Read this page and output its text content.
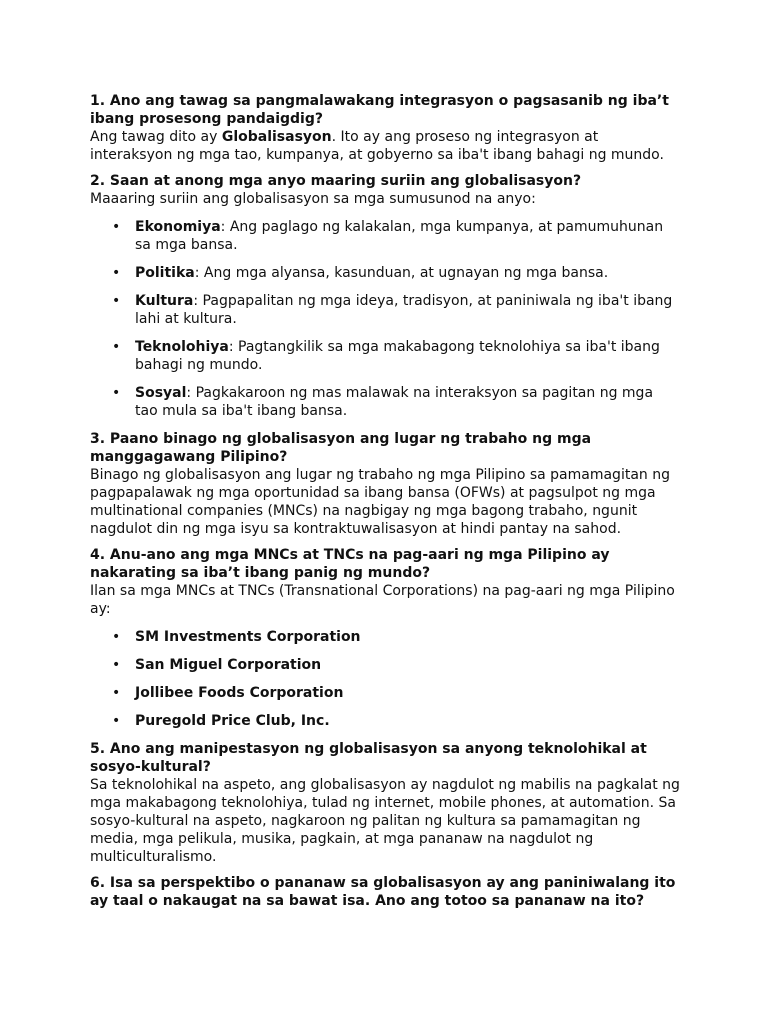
1. Ano ang tawag sa pangmalawakang integrasyon o pagsasanib ng iba’t ibang prosesong pandaigdig?

Ang tawag dito ay Globalisasyon. Ito ay ang proseso ng integrasyon at interaksyon ng mga tao, kumpanya, at gobyerno sa iba't ibang bahagi ng mundo.

2. Saan at anong mga anyo maaring suriin ang globalisasyon?

Maaaring suriin ang globalisasyon sa mga sumusunod na anyo:

• Ekonomiya: Ang paglago ng kalakalan, mga kumpanya, at pamumuhunan sa mga bansa.
• Politika: Ang mga alyansa, kasunduan, at ugnayan ng mga bansa.
• Kultura: Pagpapalitan ng mga ideya, tradisyon, at paniniwala ng iba't ibang lahi at kultura.
• Teknolohiya: Pagtangkilik sa mga makabagong teknolohiya sa iba't ibang bahagi ng mundo.
• Sosyal: Pagkakaroon ng mas malawak na interaksyon sa pagitan ng mga tao mula sa iba't ibang bansa.

3. Paano binago ng globalisasyon ang lugar ng trabaho ng mga manggagawang Pilipino?

Binago ng globalisasyon ang lugar ng trabaho ng mga Pilipino sa pamamagitan ng pagpapalawak ng mga oportunidad sa ibang bansa (OFWs) at pagsulpot ng mga multinational companies (MNCs) na nagbigay ng mga bagong trabaho, ngunit nagdulot din ng mga isyu sa kontraktuwalisasyon at hindi pantay na sahod.

4. Anu-ano ang mga MNCs at TNCs na pag-aari ng mga Pilipino ay nakarating sa iba’t ibang panig ng mundo?

Ilan sa mga MNCs at TNCs (Transnational Corporations) na pag-aari ng mga Pilipino ay:

• SM Investments Corporation
• San Miguel Corporation
• Jollibee Foods Corporation
• Puregold Price Club, Inc.

5. Ano ang manipestasyon ng globalisasyon sa anyong teknolohikal at sosyo-kultural?

Sa teknolohikal na aspeto, ang globalisasyon ay nagdulot ng mabilis na pagkalat ng mga makabagong teknolohiya, tulad ng internet, mobile phones, at automation. Sa sosyo-kultural na aspeto, nagkaroon ng palitan ng kultura sa pamamagitan ng media, mga pelikula, musika, pagkain, at mga pananaw na nagdulot ng multiculturalismo.

6. Isa sa perspektibo o pananaw sa globalisasyon ay ang paniniwalang ito ay taal o nakaugat na sa bawat isa. Ano ang totoo sa pananaw na ito?
